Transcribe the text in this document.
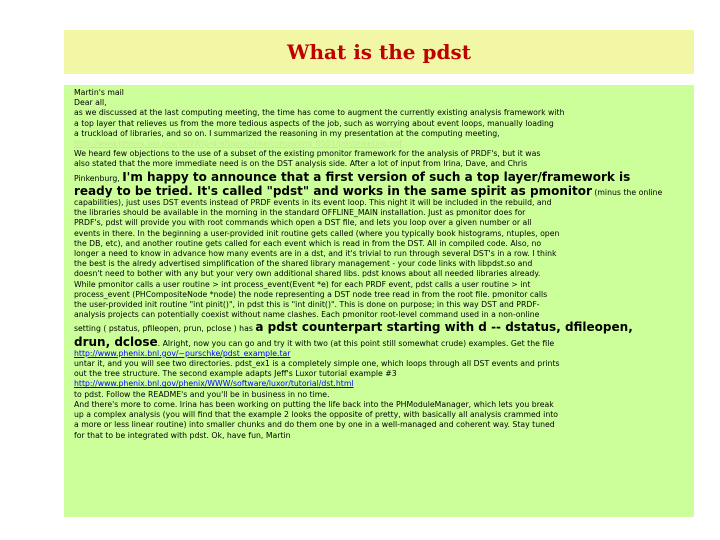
What is the pdst

Martin's mail

Dear all,

as we discussed at the last computing meeting, the time has come to augment the currently existing analysis framework with

a top layer that relieves us from the more tedious aspects of the job, such as worrying about event loops, manually loading

a truckload of libraries, and so on. I summarized the reasoning in my presentation at the computing meeting,

http://www.phenix.bnl.gov/WWW/p/draft/purschke/computing_0501/pdstmeeting.ppt

We heard few objections to the use of a subset of the existing pmonitor framework for the analysis of PRDF's, but it was

also stated that the more immediate need is on the DST analysis side. After a lot of input from Irina, Dave, and Chris

Pinkenburg, I'm happy to announce that a first version of such a top layer/framework is

ready to be tried. It's called "pdst" and works in the same spirit as pmonitor (minus the online

capabilities), just uses DST events instead of PRDF events in its event loop. This night it will be included in the rebuild, and

the libraries should be available in the morning in the standard OFFLINE_MAIN installation. Just as pmonitor does for

PRDF's, pdst will provide you with root commands which open a DST file, and lets you loop over a given number or all

events in there. In the beginning a user-provided init routine gets called (where you typically book histograms, ntuples, open

the DB, etc), and another routine gets called for each event which is read in from the DST. All in compiled code. Also, no

longer a need to know in advance how many events are in a dst, and it's trivial to run through several DST's in a row. I think

the best is the alredy advertised simplification of the shared library management - your code links with libpdst.so and

doesn't need to bother with any but your very own additional shared libs. pdst knows about all needed libraries already.

While pmonitor calls a user routine > int process_event(Event *e) for each PRDF event, pdst calls a user routine > int

process_event (PHCompositeNode *node) the node representing a DST node tree read in from the root file. pmonitor calls

the user-provided init routine "int pinit()", in pdst this is "int dinit()". This is done on purpose; in this way DST and PRDF-

analysis projects can potentially coexist without name clashes. Each pmonitor root-level command used in a non-online

setting ( pstatus, pfileopen, prun, pclose ) has a pdst counterpart starting with d -- dstatus, dfileopen,

drun, dclose. Alright, now you can go and try it with two (at this point still somewhat crude) examples. Get the file

http://www.phenix.bnl.gov/~purschke/pdst_example.tar

untar it, and you will see two directories. pdst_ex1 is a completely simple one, which loops through all DST events and prints

out the tree structure. The second example adapts Jeff's Luxor tutorial example #3

http://www.phenix.bnl.gov/phenix/WWW/software/luxor/tutorial/dst.html

to pdst. Follow the README's and you'll be in business in no time.

And there's more to come. Irina has been working on putting the life back into the PHModuleManager, which lets you break

up a complex analysis (you will find that the example 2 looks the opposite of pretty, with basically all analysis crammed into

a more or less linear routine) into smaller chunks and do them one by one in a well-managed and coherent way. Stay tuned

for that to be integrated with pdst. Ok, have fun, Martin
